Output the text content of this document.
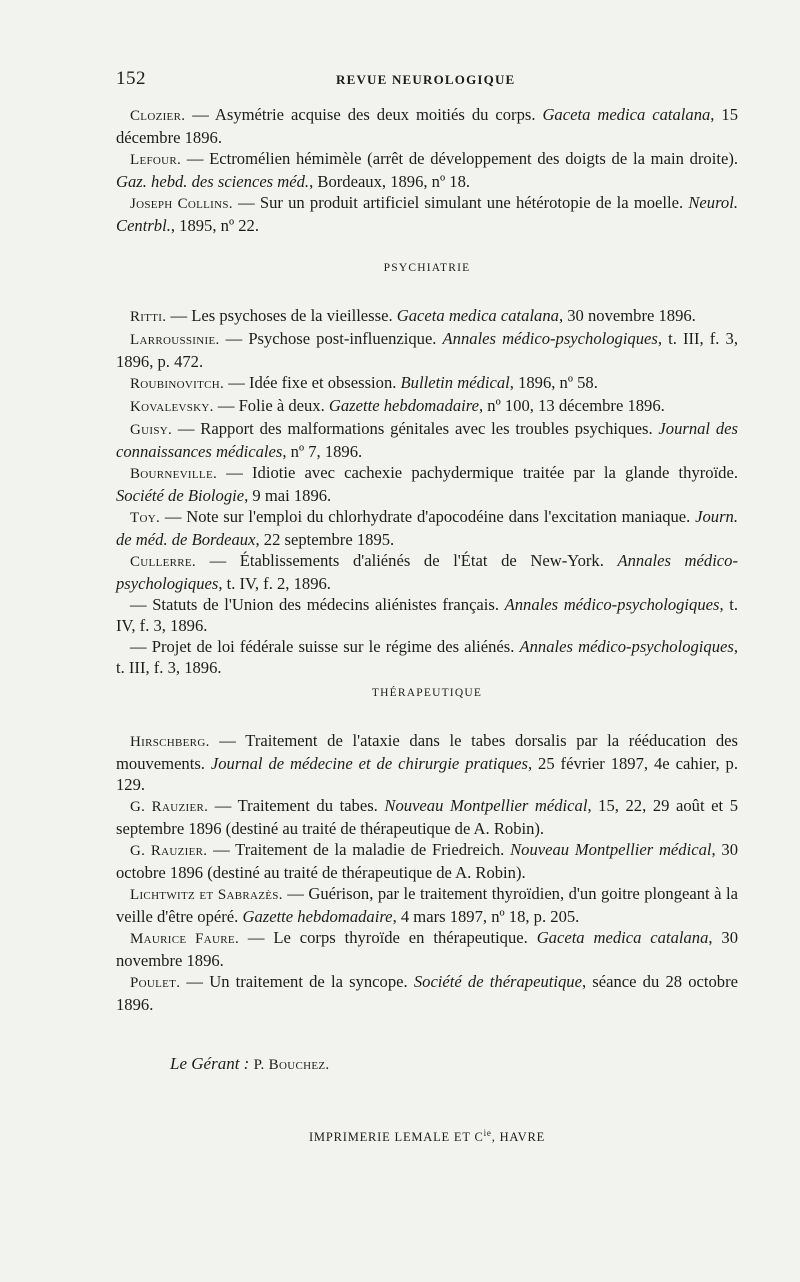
152	REVUE NEUROLOGIQUE

Clozier. — Asymétrie acquise des deux moitiés du corps. Gaceta medica catalana, 15 décembre 1896.

Lefour. — Ectromélien hémimèle (arrêt de développement des doigts de la main droite). Gaz. hebd. des sciences méd., Bordeaux, 1896, nº 18.

Joseph Collins. — Sur un produit artificiel simulant une hétérotopie de la moelle. Neurol. Centrbl., 1895, nº 22.

PSYCHIATRIE

Ritti. — Les psychoses de la vieillesse. Gaceta medica catalana, 30 novembre 1896.

Larroussinie. — Psychose post-influenzique. Annales médico-psychologiques, t. III, f. 3, 1896, p. 472.

Roubinovitch. — Idée fixe et obsession. Bulletin médical, 1896, nº 58.

Kovalevsky. — Folie à deux. Gazette hebdomadaire, nº 100, 13 décembre 1896.

Guisy. — Rapport des malformations génitales avec les troubles psychiques. Journal des connaissances médicales, nº 7, 1896.

Bourneville. — Idiotie avec cachexie pachydermique traitée par la glande thyroïde. Société de Biologie, 9 mai 1896.

Toy. — Note sur l'emploi du chlorhydrate d'apocodéine dans l'excitation maniaque. Journ. de méd. de Bordeaux, 22 septembre 1895.

Cullerre. — Établissements d'aliénés de l'État de New-York. Annales médico-psychologiques, t. IV, f. 2, 1896.

— Statuts de l'Union des médecins aliénistes français. Annales médico-psychologiques, t. IV, f. 3, 1896.

— Projet de loi fédérale suisse sur le régime des aliénés. Annales médico-psychologiques, t. III, f. 3, 1896.

THÉRAPEUTIQUE

Hirschberg. — Traitement de l'ataxie dans le tabes dorsalis par la rééducation des mouvements. Journal de médecine et de chirurgie pratiques, 25 février 1897, 4e cahier, p. 129.

G. Rauzier. — Traitement du tabes. Nouveau Montpellier médical, 15, 22, 29 août et 5 septembre 1896 (destiné au traité de thérapeutique de A. Robin).

G. Rauzier. — Traitement de la maladie de Friedreich. Nouveau Montpellier médical, 30 octobre 1896 (destiné au traité de thérapeutique de A. Robin).

Lichtwitz et Sabrazès. — Guérison, par le traitement thyroïdien, d'un goitre plongeant à la veille d'être opéré. Gazette hebdomadaire, 4 mars 1897, nº 18, p. 205.

Maurice Faure. — Le corps thyroïde en thérapeutique. Gaceta medica catalana, 30 novembre 1896.

Poulet. — Un traitement de la syncope. Société de thérapeutique, séance du 28 octobre 1896.

Le Gérant : P. Bouchez.
IMPRIMERIE LEMALE ET $C^{ie}$, HAVRE
